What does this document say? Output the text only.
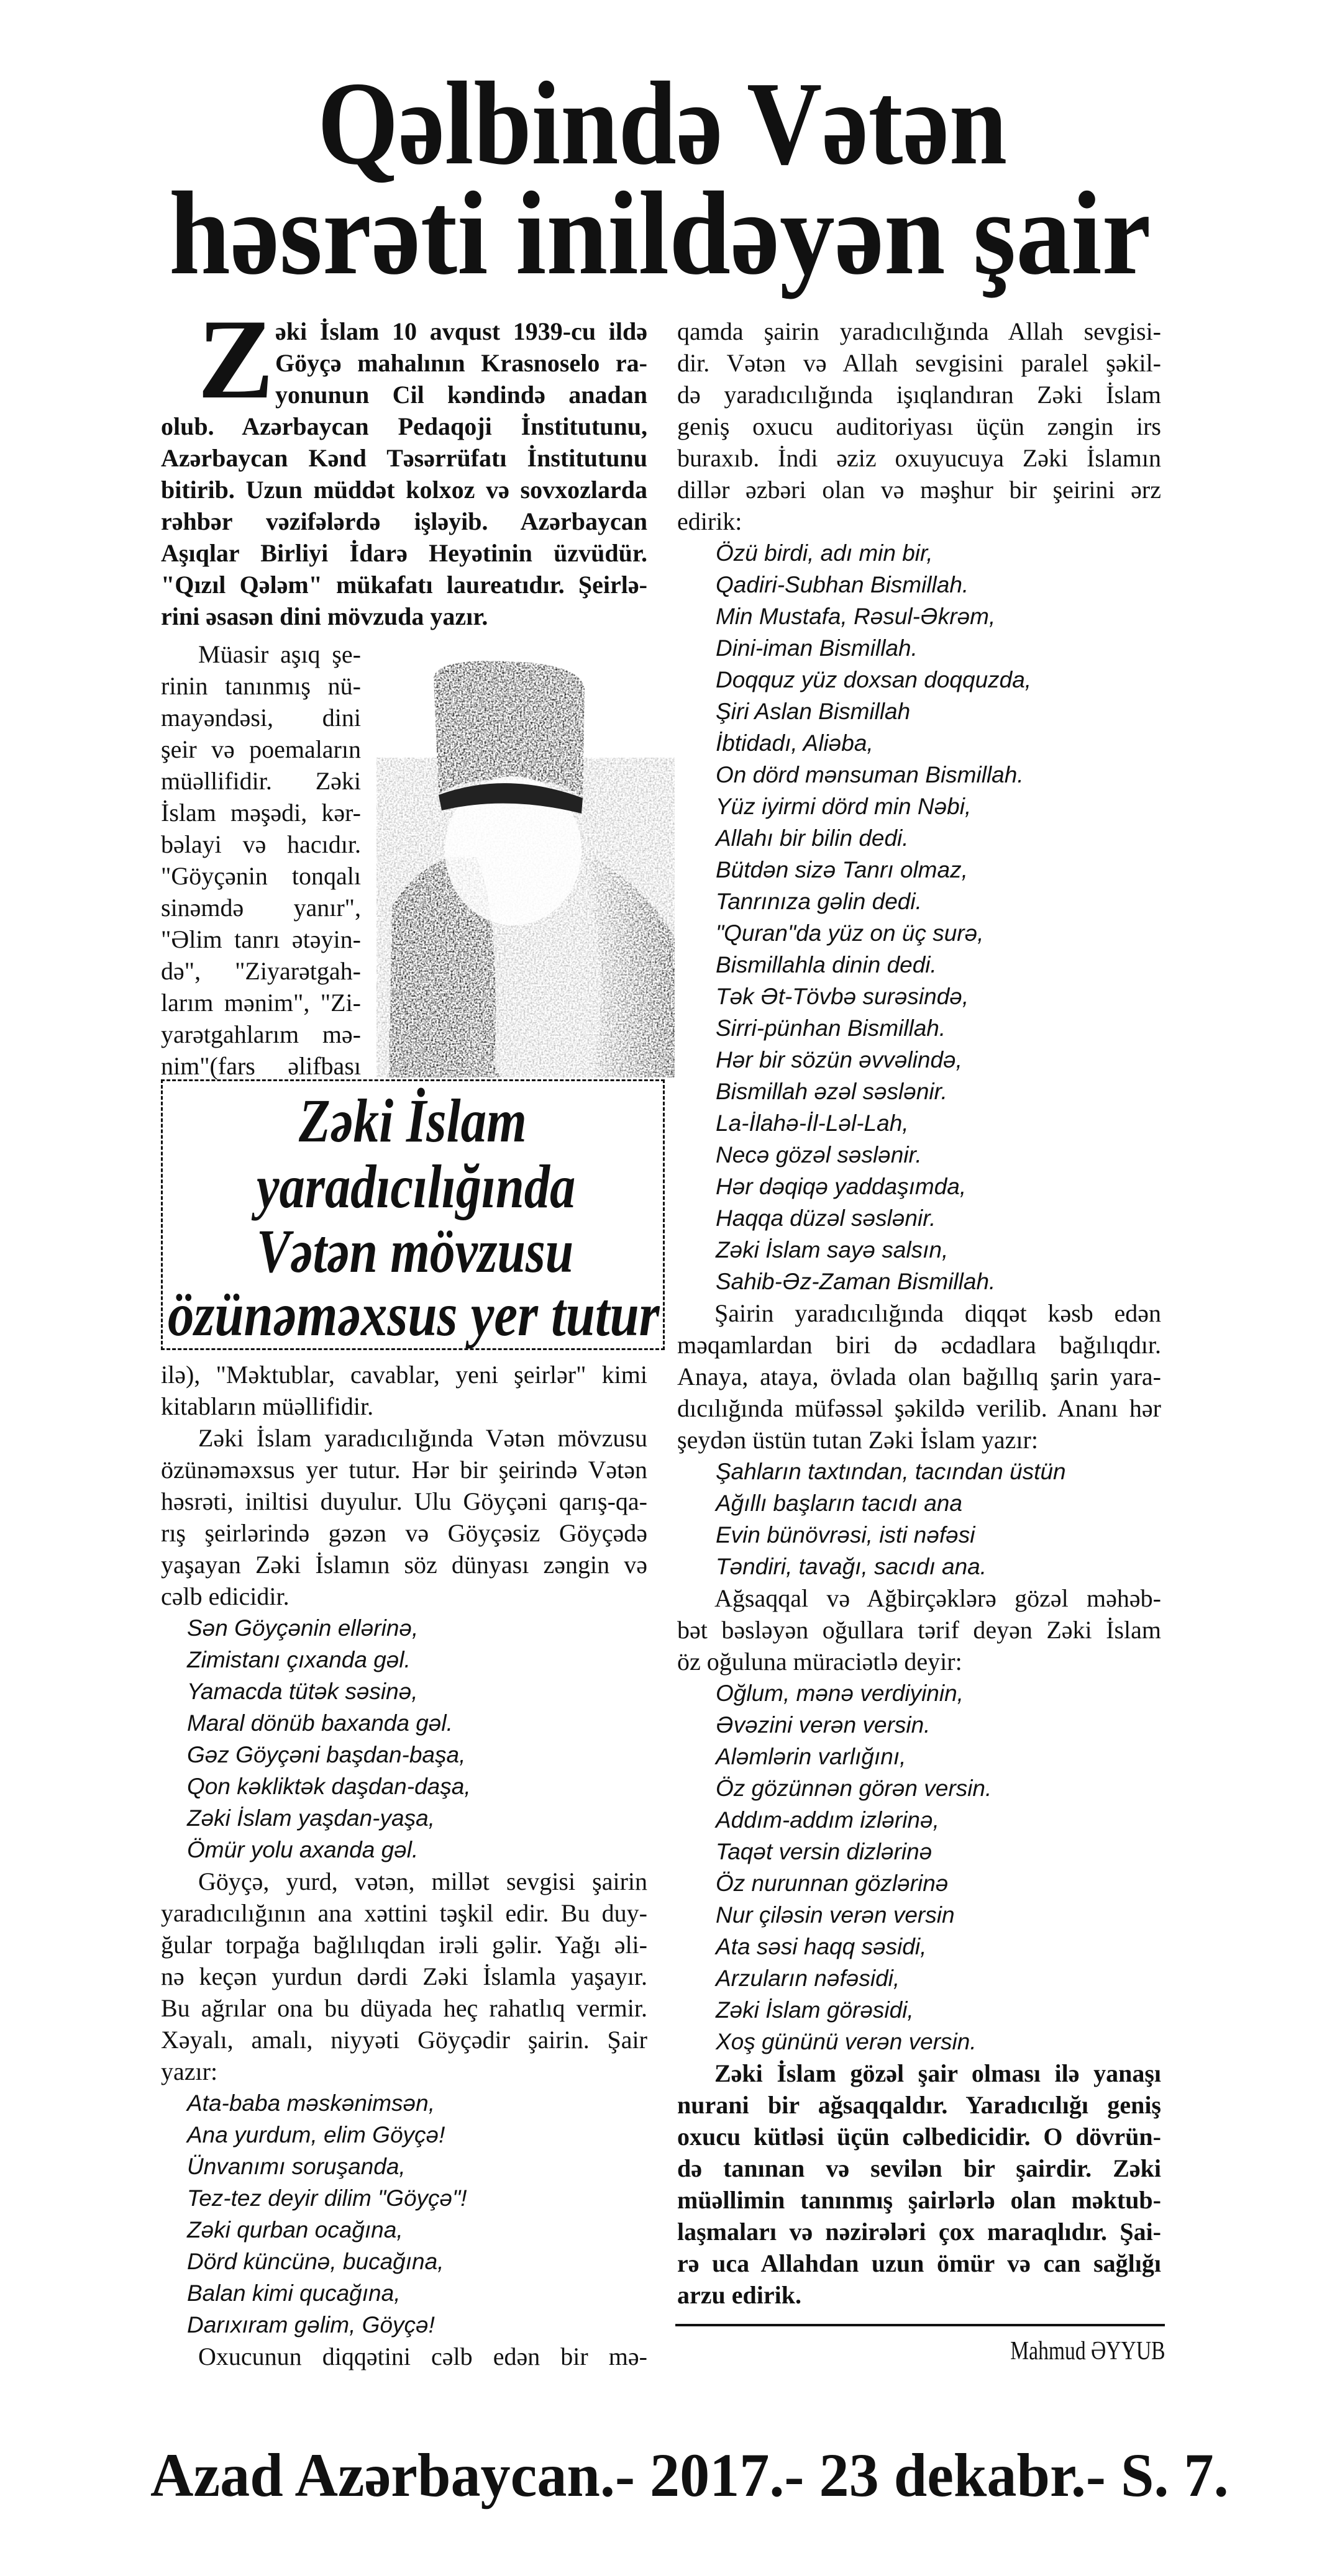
Qəlbində Vətən
həsrəti inildəyən şair
Z əki İslam 10 avqust 1939-cu ildə
Göyçə mahalının Krasnoselo ra-
yonunun Cil kəndində anadan
olub. Azərbaycan Pedaqoji İnstitutunu,
Azərbaycan Kənd Təsərrüfatı İnstitutunu
bitirib. Uzun müddət kolxoz və sovxozlarda
rəhbər vəzifələrdə işləyib. Azərbaycan
Aşıqlar Birliyi İdarə Heyətinin üzvüdür.
"Qızıl Qələm" mükafatı laureatıdır. Şeirlə-
rini əsasən dini mövzuda yazır.
Müasir aşıq şe-
rinin tanınmış nü-
mayəndəsi, dini
şeir və poemaların
müəllifidir. Zəki
İslam məşədi, kər-
bəlayi və hacıdır.
"Göyçənin tonqalı
sinəmdə yanır",
"Əlim tanrı ətəyin-
də", "Ziyarətgah-
larım mənim", "Zi-
yarətgahlarım mə-
nim"(fars əlifbası
Zəki İslam
yaradıcılığında
Vətən mövzusu
özünəməxsus yer tutur
ilə), "Məktublar, cavablar, yeni şeirlər" kimi
kitabların müəllifidir.
Zəki İslam yaradıcılığında Vətən mövzusu
özünəməxsus yer tutur. Hər bir şeirində Vətən
həsrəti, iniltisi duyulur. Ulu Göyçəni qarış-qa-
rış şeirlərində gəzən və Göyçəsiz Göyçədə
yaşayan Zəki İslamın söz dünyası zəngin və
cəlb edicidir.
Sən Göyçənin ellərinə,
Zimistanı çıxanda gəl.
Yamacda tütək səsinə,
Maral dönüb baxanda gəl.
Gəz Göyçəni başdan-başa,
Qon kəkliktək daşdan-daşa,
Zəki İslam yaşdan-yaşa,
Ömür yolu axanda gəl.
Göyçə, yurd, vətən, millət sevgisi şairin
yaradıcılığının ana xəttini təşkil edir. Bu duy-
ğular torpağa bağlılıqdan irəli gəlir. Yağı əli-
nə keçən yurdun dərdi Zəki İslamla yaşayır.
Bu ağrılar ona bu düyada heç rahatlıq vermir.
Xəyalı, amalı, niyyəti Göyçədir şairin. Şair
yazır:
Ata-baba məskənimsən,
Ana yurdum, elim Göyçə!
Ünvanımı soruşanda,
Tez-tez deyir dilim "Göyçə"!
Zəki qurban ocağına,
Dörd küncünə, bucağına,
Balan kimi qucağına,
Darıxıram gəlim, Göyçə!
Oxucunun diqqətini cəlb edən bir mə-
qamda şairin yaradıcılığında Allah sevgisi-
dir. Vətən və Allah sevgisini paralel şəkil-
də yaradıcılığında işıqlandıran Zəki İslam
geniş oxucu auditoriyası üçün zəngin irs
buraxıb. İndi əziz oxuyucuya Zəki İslamın
dillər əzbəri olan və məşhur bir şeirini ərz
edirik:
Özü birdi, adı min bir,
Qadiri-Subhan Bismillah.
Min Mustafa, Rəsul-Əkrəm,
Dini-iman Bismillah.
Doqquz yüz doxsan doqquzda,
Şiri Aslan Bismillah
İbtidadı, Aliəba,
On dörd mənsuman Bismillah.
Yüz iyirmi dörd min Nəbi,
Allahı bir bilin dedi.
Bütdən sizə Tanrı olmaz,
Tanrınıza gəlin dedi.
"Quran"da yüz on üç surə,
Bismillahla dinin dedi.
Tək Ət-Tövbə surəsində,
Sirri-pünhan Bismillah.
Hər bir sözün əvvəlində,
Bismillah əzəl səslənir.
La-İlahə-İl-Ləl-Lah,
Necə gözəl səslənir.
Hər dəqiqə yaddaşımda,
Haqqa düzəl səslənir.
Zəki İslam sayə salsın,
Sahib-Əz-Zaman Bismillah.
Şairin yaradıcılığında diqqət kəsb edən
məqamlardan biri də əcdadlara bağılıqdır.
Anaya, ataya, övlada olan bağıllıq şarin yara-
dıcılığında müfəssəl şəkildə verilib. Ananı hər
şeydən üstün tutan Zəki İslam yazır:
Şahların taxtından, tacından üstün
Ağıllı başların tacıdı ana
Evin bünövrəsi, isti nəfəsi
Təndiri, tavağı, sacıdı ana.
Ağsaqqal və Ağbirçəklərə gözəl məhəb-
bət bəsləyən oğullara tərif deyən Zəki İslam
öz oğuluna müraciətlə deyir:
Oğlum, mənə verdiyinin,
Əvəzini verən versin.
Aləmlərin varlığını,
Öz gözünnən görən versin.
Addım-addım izlərinə,
Taqət versin dizlərinə
Öz nurunnan gözlərinə
Nur çiləsin verən versin
Ata səsi haqq səsidi,
Arzuların nəfəsidi,
Zəki İslam görəsidi,
Xoş gününü verən versin.
Zəki İslam gözəl şair olması ilə yanaşı
nurani bir ağsaqqaldır. Yaradıcılığı geniş
oxucu kütləsi üçün cəlbedicidir. O dövrün-
də tanınan və sevilən bir şairdir. Zəki
müəllimin tanınmış şairlərlə olan məktub-
laşmaları və nəzirələri çox maraqlıdır. Şai-
rə uca Allahdan uzun ömür və can sağlığı
arzu edirik.
Mahmud ƏYYUB
Azad Azərbaycan.- 2017.- 23 dekabr.- S. 7.
